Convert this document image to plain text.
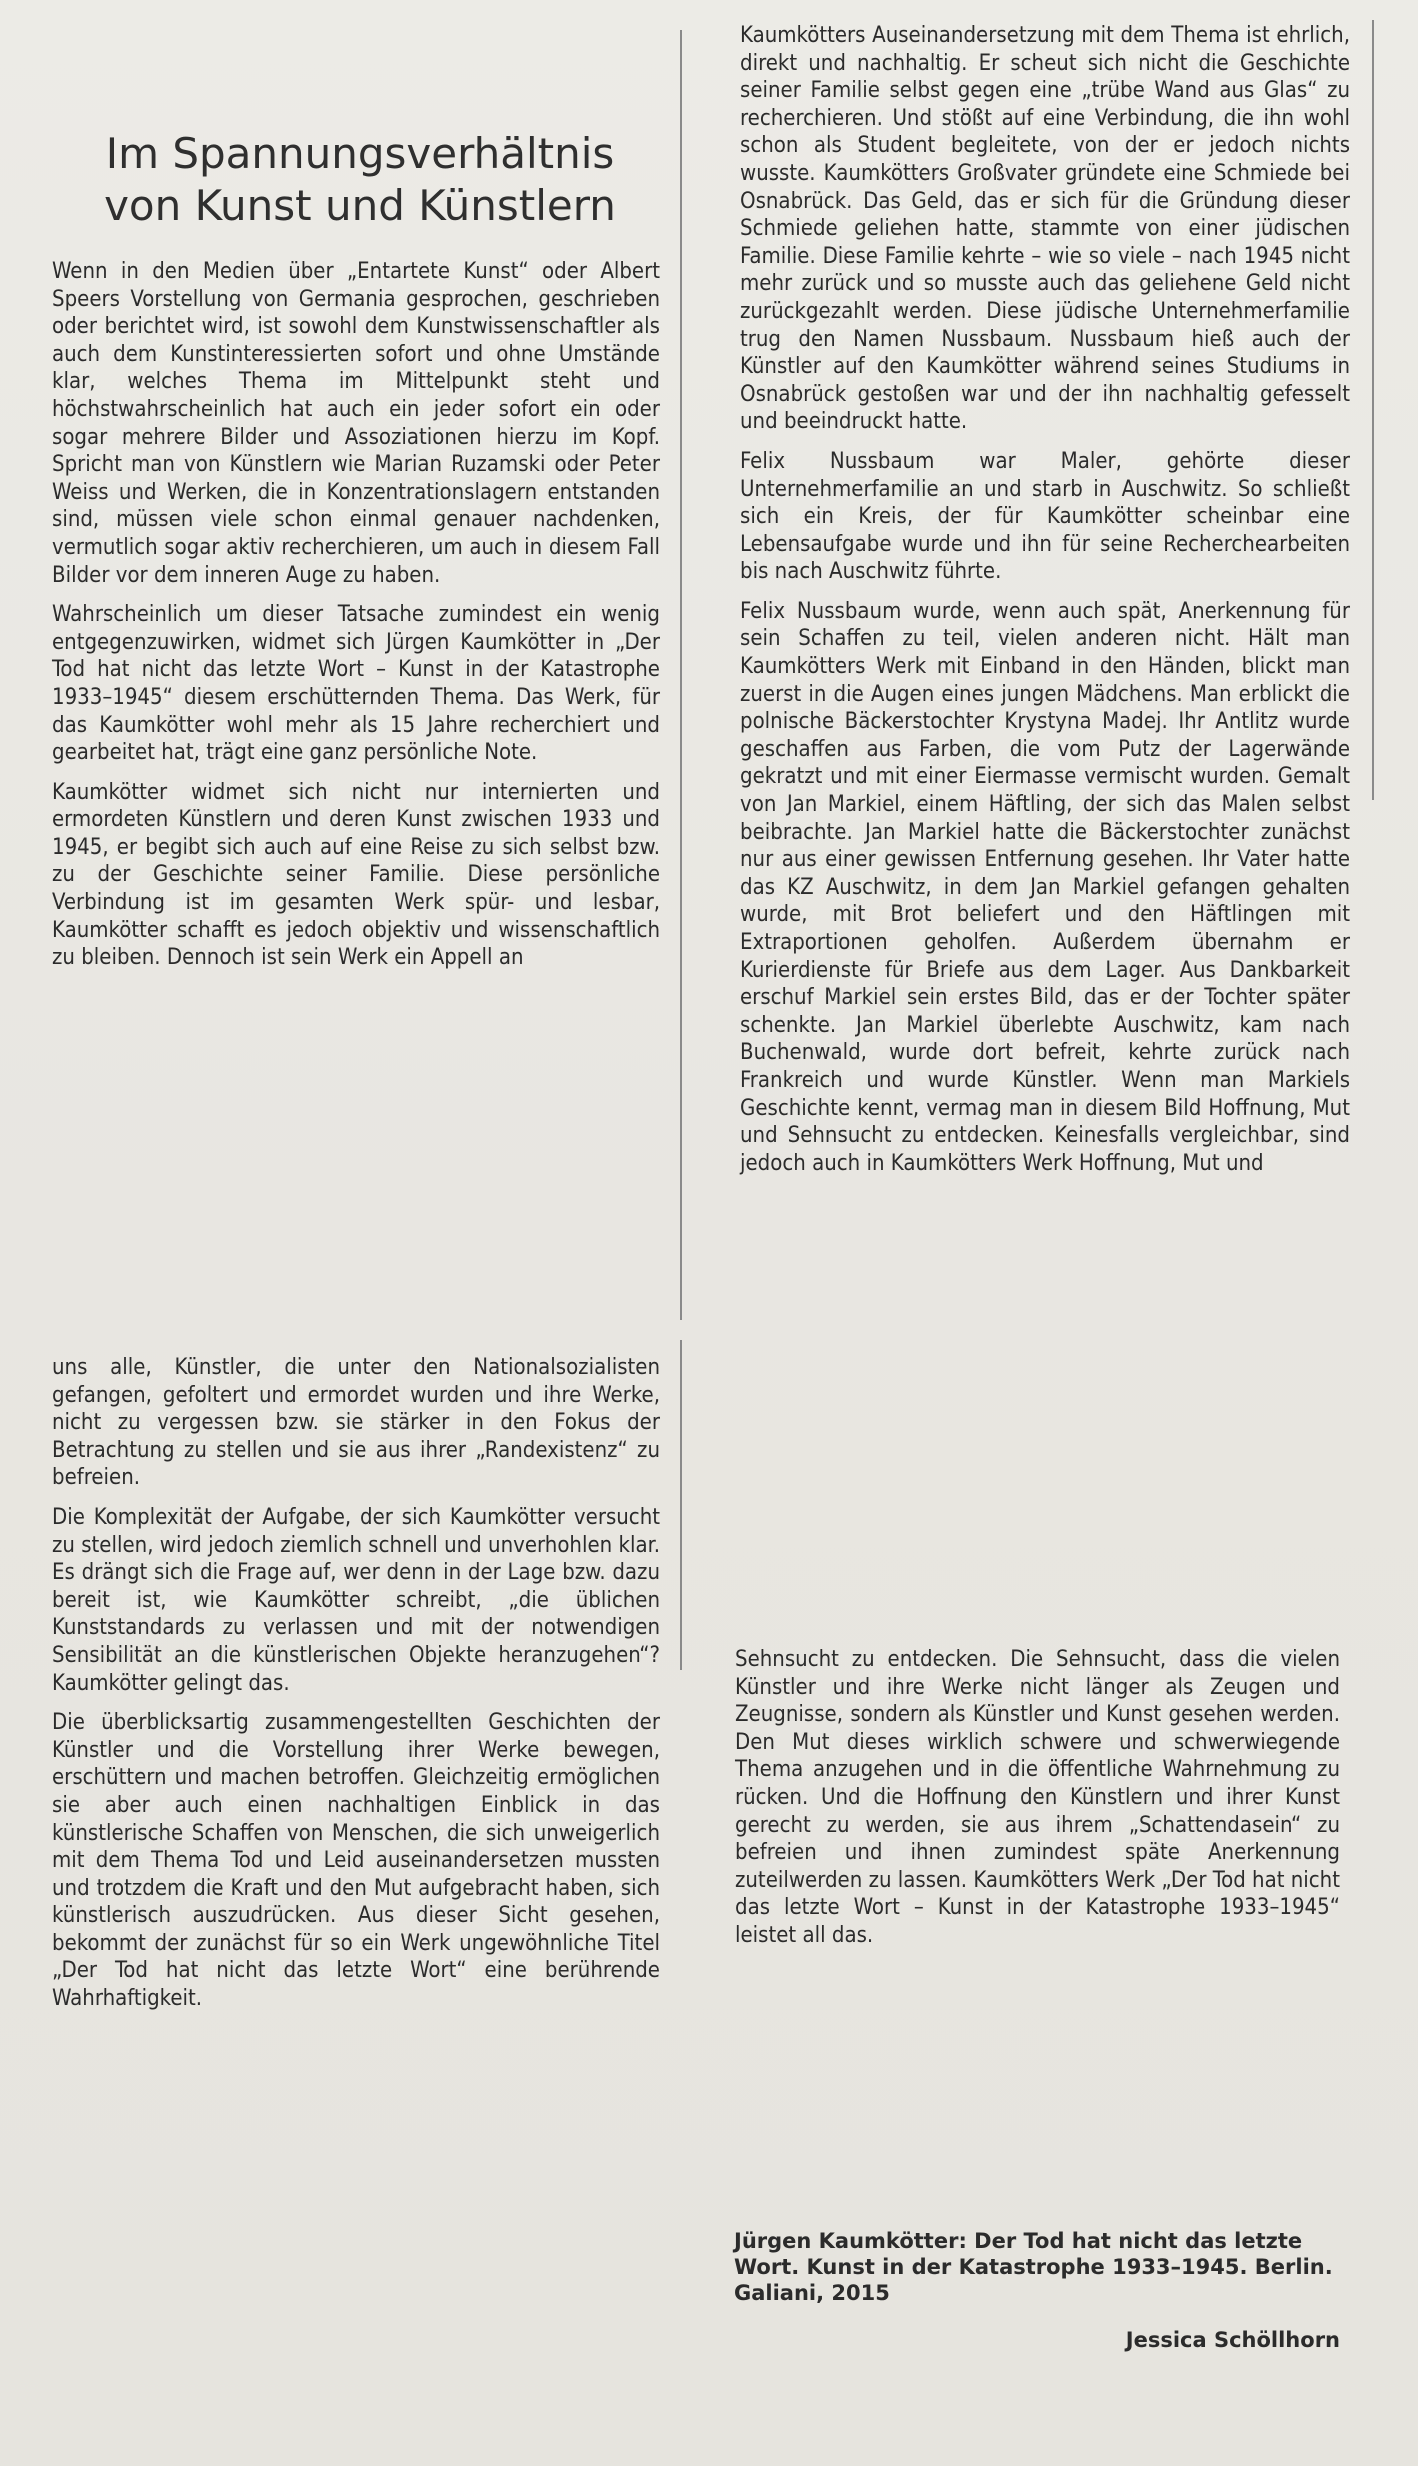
Im Spannungsverhältnis
von Kunst und Künstlern

Wenn in den Medien über „Entartete Kunst“ oder Albert Speers Vorstellung von Germania gesprochen, geschrieben oder berichtet wird, ist sowohl dem Kunstwissenschaftler als auch dem Kunstinteressierten sofort und ohne Umstände klar, welches Thema im Mittelpunkt steht und höchstwahrscheinlich hat auch ein jeder sofort ein oder sogar mehrere Bilder und Assoziationen hierzu im Kopf. Spricht man von Künstlern wie Marian Ruzamski oder Peter Weiss und Werken, die in Konzentrationslagern entstanden sind, müssen viele schon einmal genauer nachdenken, vermutlich sogar aktiv recherchieren, um auch in diesem Fall Bilder vor dem inneren Auge zu haben.

Wahrscheinlich um dieser Tatsache zumindest ein wenig entgegenzuwirken, widmet sich Jürgen Kaumkötter in „Der Tod hat nicht das letzte Wort – Kunst in der Katastrophe 1933–1945“ diesem erschütternden Thema. Das Werk, für das Kaumkötter wohl mehr als 15 Jahre recherchiert und gearbeitet hat, trägt eine ganz persönliche Note.

Kaumkötter widmet sich nicht nur internierten und ermordeten Künstlern und deren Kunst zwischen 1933 und 1945, er begibt sich auch auf eine Reise zu sich selbst bzw. zu der Geschichte seiner Familie. Diese persönliche Verbindung ist im gesamten Werk spür- und lesbar, Kaumkötter schafft es jedoch objektiv und wissenschaftlich zu bleiben. Dennoch ist sein Werk ein Appell an

uns alle, Künstler, die unter den Nationalsozialisten gefangen, gefoltert und ermordet wurden und ihre Werke, nicht zu vergessen bzw. sie stärker in den Fokus der Betrachtung zu stellen und sie aus ihrer „Randexistenz“ zu befreien.

Die Komplexität der Aufgabe, der sich Kaumkötter versucht zu stellen, wird jedoch ziemlich schnell und unverhohlen klar. Es drängt sich die Frage auf, wer denn in der Lage bzw. dazu bereit ist, wie Kaumkötter schreibt, „die üblichen Kunststandards zu verlassen und mit der notwendigen Sensibilität an die künstlerischen Objekte heranzugehen“? Kaumkötter gelingt das.

Die überblicksartig zusammengestellten Geschichten der Künstler und die Vorstellung ihrer Werke bewegen, erschüttern und machen betroffen. Gleichzeitig ermöglichen sie aber auch einen nachhaltigen Einblick in das künstlerische Schaffen von Menschen, die sich unweigerlich mit dem Thema Tod und Leid auseinandersetzen mussten und trotzdem die Kraft und den Mut aufgebracht haben, sich künstlerisch auszudrücken. Aus dieser Sicht gesehen, bekommt der zunächst für so ein Werk ungewöhnliche Titel „Der Tod hat nicht das letzte Wort“ eine berührende Wahrhaftigkeit.

Kaumkötters Auseinandersetzung mit dem Thema ist ehrlich, direkt und nachhaltig. Er scheut sich nicht die Geschichte seiner Familie selbst gegen eine „trübe Wand aus Glas“ zu recherchieren. Und stößt auf eine Verbindung, die ihn wohl schon als Student begleitete, von der er jedoch nichts wusste. Kaumkötters Großvater gründete eine Schmiede bei Osnabrück. Das Geld, das er sich für die Gründung dieser Schmiede geliehen hatte, stammte von einer jüdischen Familie. Diese Familie kehrte – wie so viele – nach 1945 nicht mehr zurück und so musste auch das geliehene Geld nicht zurückgezahlt werden. Diese jüdische Unternehmerfamilie trug den Namen Nussbaum. Nussbaum hieß auch der Künstler auf den Kaumkötter während seines Studiums in Osnabrück gestoßen war und der ihn nachhaltig gefesselt und beeindruckt hatte.

Felix Nussbaum war Maler, gehörte dieser Unternehmerfamilie an und starb in Auschwitz. So schließt sich ein Kreis, der für Kaumkötter scheinbar eine Lebensaufgabe wurde und ihn für seine Recherchearbeiten bis nach Auschwitz führte.

Felix Nussbaum wurde, wenn auch spät, Anerkennung für sein Schaffen zu teil, vielen anderen nicht. Hält man Kaumkötters Werk mit Einband in den Händen, blickt man zuerst in die Augen eines jungen Mädchens. Man erblickt die polnische Bäckerstochter Krystyna Madej. Ihr Antlitz wurde geschaffen aus Farben, die vom Putz der Lagerwände gekratzt und mit einer Eiermasse vermischt wurden. Gemalt von Jan Markiel, einem Häftling, der sich das Malen selbst beibrachte. Jan Markiel hatte die Bäckerstochter zunächst nur aus einer gewissen Entfernung gesehen. Ihr Vater hatte das KZ Auschwitz, in dem Jan Markiel gefangen gehalten wurde, mit Brot beliefert und den Häftlingen mit Extraportionen geholfen. Außerdem übernahm er Kurierdienste für Briefe aus dem Lager. Aus Dankbarkeit erschuf Markiel sein erstes Bild, das er der Tochter später schenkte. Jan Markiel überlebte Auschwitz, kam nach Buchenwald, wurde dort befreit, kehrte zurück nach Frankreich und wurde Künstler. Wenn man Markiels Geschichte kennt, vermag man in diesem Bild Hoffnung, Mut und Sehnsucht zu entdecken. Keinesfalls vergleichbar, sind jedoch auch in Kaumkötters Werk Hoffnung, Mut und

Sehnsucht zu entdecken. Die Sehnsucht, dass die vielen Künstler und ihre Werke nicht länger als Zeugen und Zeugnisse, sondern als Künstler und Kunst gesehen werden. Den Mut dieses wirklich schwere und schwerwiegende Thema anzugehen und in die öffentliche Wahrnehmung zu rücken. Und die Hoffnung den Künstlern und ihrer Kunst gerecht zu werden, sie aus ihrem „Schattendasein“ zu befreien und ihnen zumindest späte Anerkennung zuteilwerden zu lassen. Kaumkötters Werk „Der Tod hat nicht das letzte Wort – Kunst in der Katastrophe 1933–1945“ leistet all das.

Jürgen Kaumkötter: Der Tod hat nicht das letzte Wort. Kunst in der Katastrophe 1933–1945. Berlin. Galiani, 2015
Jessica Schöllhorn
